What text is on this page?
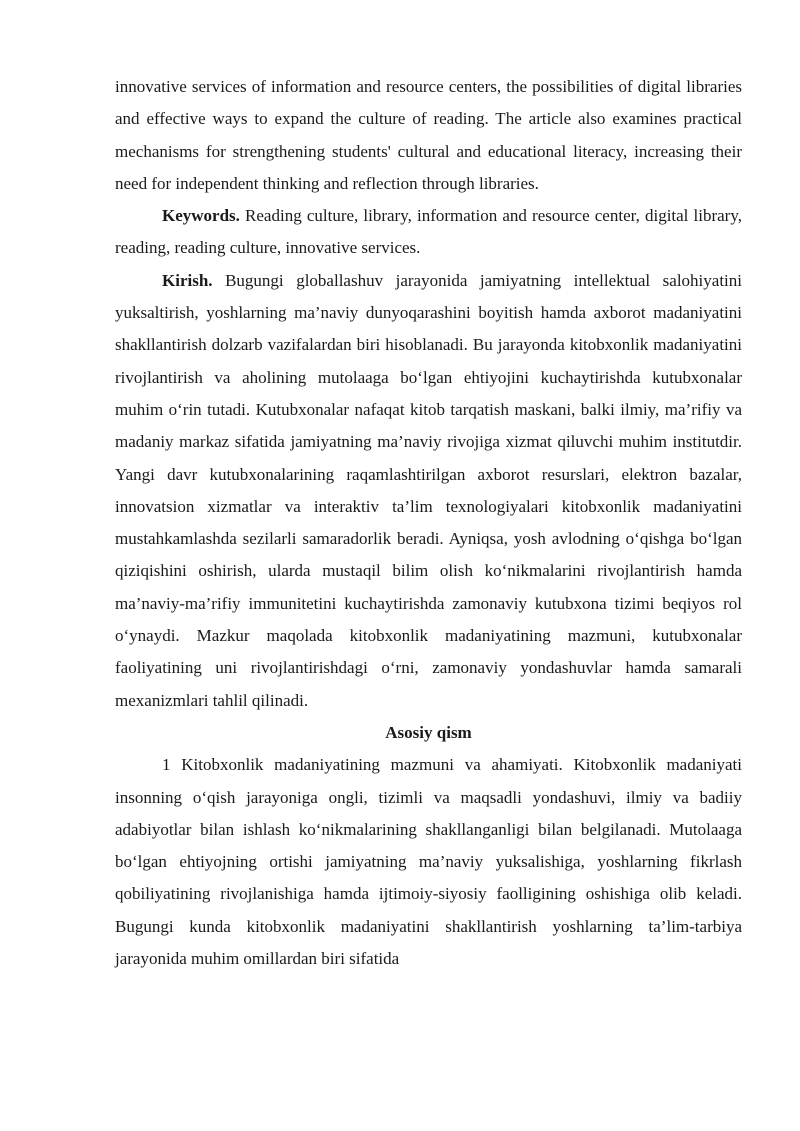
innovative services of information and resource centers, the possibilities of digital libraries and effective ways to expand the culture of reading. The article also examines practical mechanisms for strengthening students' cultural and educational literacy, increasing their need for independent thinking and reflection through libraries.

Keywords. Reading culture, library, information and resource center, digital library, reading, reading culture, innovative services.

Kirish. Bugungi globallashuv jarayonida jamiyatning intellektual salohiyatini yuksaltirish, yoshlarning ma’naviy dunyoqarashini boyitish hamda axborot madaniyatini shakllantirish dolzarb vazifalardan biri hisoblanadi. Bu jarayonda kitobxonlik madaniyatini rivojlantirish va aholining mutolaaga bo‘lgan ehtiyojini kuchaytirishda kutubxonalar muhim o‘rin tutadi. Kutubxonalar nafaqat kitob tarqatish maskani, balki ilmiy, ma’rifiy va madaniy markaz sifatida jamiyatning ma’naviy rivojiga xizmat qiluvchi muhim institutdir. Yangi davr kutubxonalarining raqamlashtirilgan axborot resurslari, elektron bazalar, innovatsion xizmatlar va interaktiv ta’lim texnologiyalari kitobxonlik madaniyatini mustahkamlashda sezilarli samaradorlik beradi. Ayniqsa, yosh avlodning o‘qishga bo‘lgan qiziqishini oshirish, ularda mustaqil bilim olish ko‘nikmalarini rivojlantirish hamda ma’naviy-ma’rifiy immunitetini kuchaytirishda zamonaviy kutubxona tizimi beqiyos rol o‘ynaydi. Mazkur maqolada kitobxonlik madaniyatining mazmuni, kutubxonalar faoliyatining uni rivojlantirishdagi o‘rni, zamonaviy yondashuvlar hamda samarali mexanizmlari tahlil qilinadi.

Asosiy qism

1 Kitobxonlik madaniyatining mazmuni va ahamiyati. Kitobxonlik madaniyati insonning o‘qish jarayoniga ongli, tizimli va maqsadli yondashuvi, ilmiy va badiiy adabiyotlar bilan ishlash ko‘nikmalarining shakllanganligi bilan belgilanadi. Mutolaaga bo‘lgan ehtiyojning ortishi jamiyatning ma’naviy yuksalishiga, yoshlarning fikrlash qobiliyatining rivojlanishiga hamda ijtimoiy-siyosiy faolligining oshishiga olib keladi. Bugungi kunda kitobxonlik madaniyatini shakllantirish yoshlarning ta’lim-tarbiya jarayonida muhim omillardan biri sifatida
